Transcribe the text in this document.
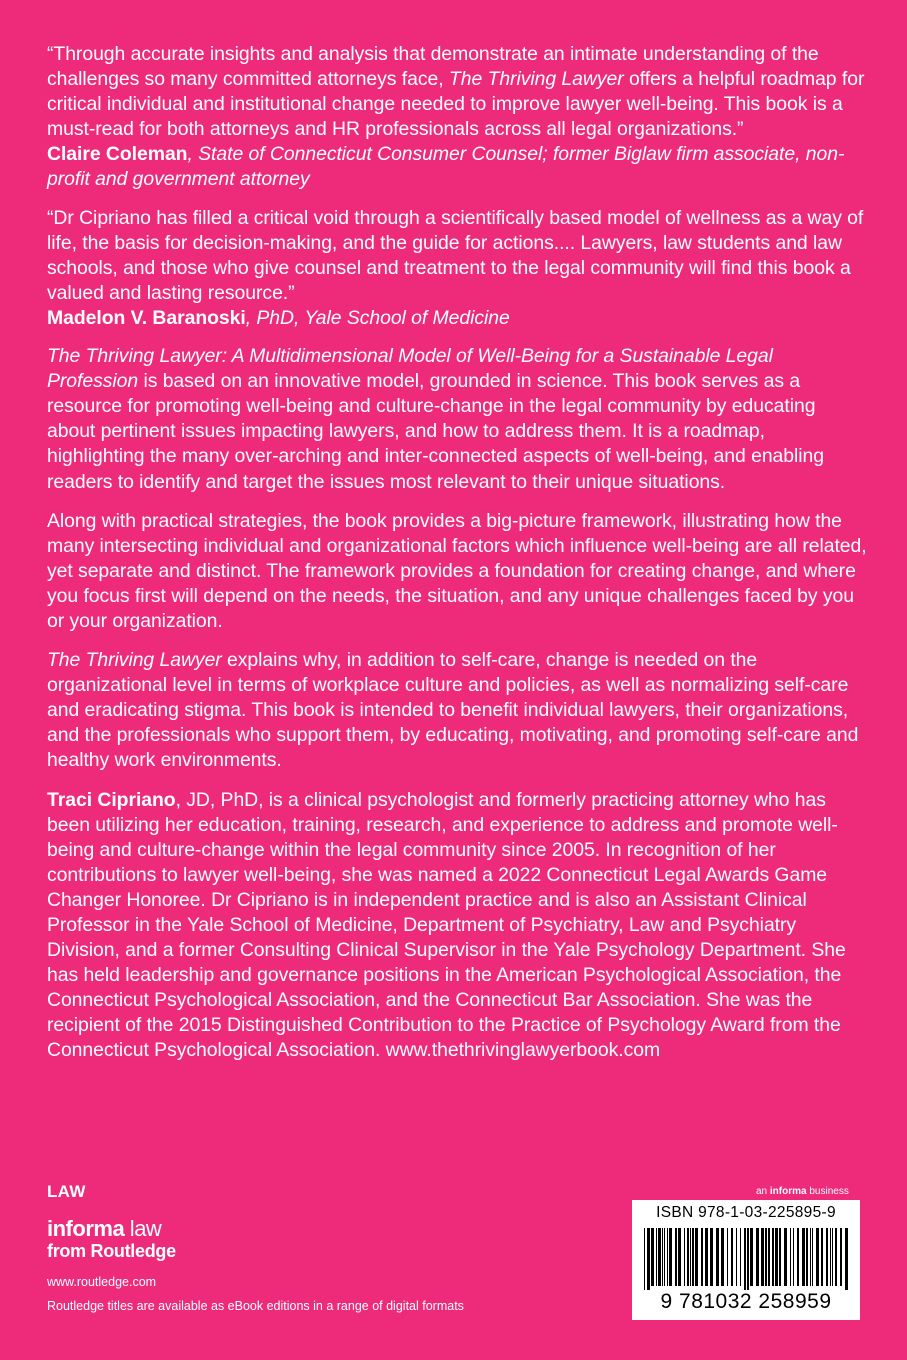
“Through accurate insights and analysis that demonstrate an intimate understanding of the challenges so many committed attorneys face, The Thriving Lawyer offers a helpful roadmap for critical individual and institutional change needed to improve lawyer well-being. This book is a must-read for both attorneys and HR professionals across all legal organizations.”
Claire Coleman, State of Connecticut Consumer Counsel; former Biglaw firm associate, non-profit and government attorney

“Dr Cipriano has filled a critical void through a scientifically based model of wellness as a way of life, the basis for decision-making, and the guide for actions.... Lawyers, law students and law schools, and those who give counsel and treatment to the legal community will find this book a valued and lasting resource.”
Madelon V. Baranoski, PhD, Yale School of Medicine

The Thriving Lawyer: A Multidimensional Model of Well-Being for a Sustainable Legal Profession is based on an innovative model, grounded in science. This book serves as a resource for promoting well-being and culture-change in the legal community by educating about pertinent issues impacting lawyers, and how to address them. It is a roadmap, highlighting the many over-arching and inter-connected aspects of well-being, and enabling readers to identify and target the issues most relevant to their unique situations.

Along with practical strategies, the book provides a big-picture framework, illustrating how the many intersecting individual and organizational factors which influence well-being are all related, yet separate and distinct. The framework provides a foundation for creating change, and where you focus first will depend on the needs, the situation, and any unique challenges faced by you or your organization.

The Thriving Lawyer explains why, in addition to self-care, change is needed on the organizational level in terms of workplace culture and policies, as well as normalizing self-care and eradicating stigma. This book is intended to benefit individual lawyers, their organizations, and the professionals who support them, by educating, motivating, and promoting self-care and healthy work environments.

Traci Cipriano, JD, PhD, is a clinical psychologist and formerly practicing attorney who has been utilizing her education, training, research, and experience to address and promote well-being and culture-change within the legal community since 2005. In recognition of her contributions to lawyer well-being, she was named a 2022 Connecticut Legal Awards Game Changer Honoree. Dr Cipriano is in independent practice and is also an Assistant Clinical Professor in the Yale School of Medicine, Department of Psychiatry, Law and Psychiatry Division, and a former Consulting Clinical Supervisor in the Yale Psychology Department. She has held leadership and governance positions in the American Psychological Association, the Connecticut Psychological Association, and the Connecticut Bar Association. She was the recipient of the 2015 Distinguished Contribution to the Practice of Psychology Award from the Connecticut Psychological Association. www.thethrivinglawyerbook.com

LAW
informa law
from Routledge
www.routledge.com
Routledge titles are available as eBook editions in a range of digital formats
an informa business
ISBN 978-1-03-225895-9
9 781032 258959
